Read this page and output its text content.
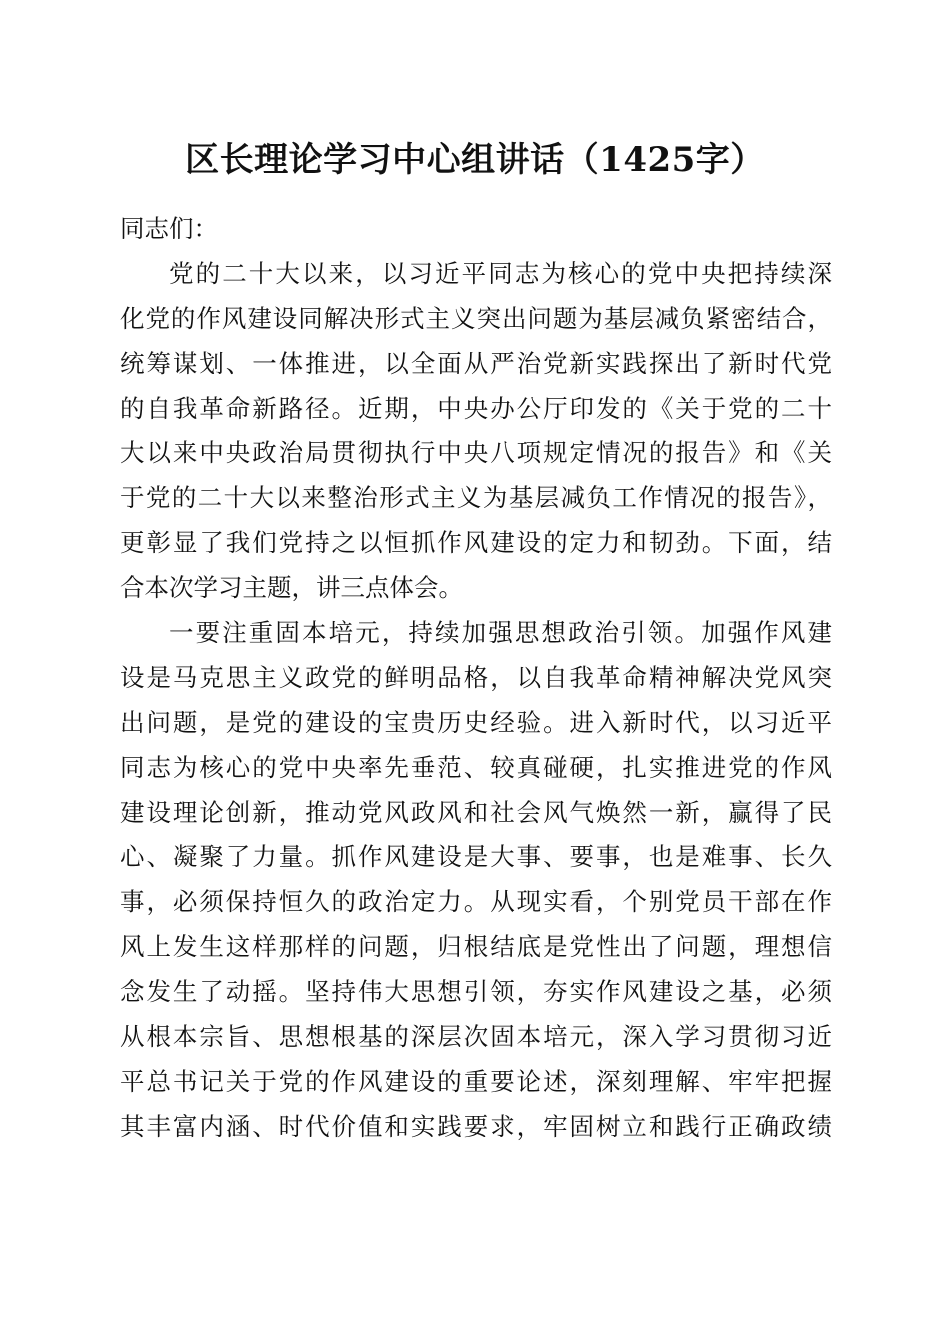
区长理论学习中心组讲话（1425字）
同志们：
党的二十大以来，以习近平同志为核心的党中央把持续深
化党的作风建设同解决形式主义突出问题为基层减负紧密结合，
统筹谋划、一体推进，以全面从严治党新实践探出了新时代党
的自我革命新路径。近期，中央办公厅印发的《关于党的二十
大以来中央政治局贯彻执行中央八项规定情况的报告》和《关
于党的二十大以来整治形式主义为基层减负工作情况的报告》，
更彰显了我们党持之以恒抓作风建设的定力和韧劲。下面，结
合本次学习主题，讲三点体会。
一要注重固本培元，持续加强思想政治引领。加强作风建
设是马克思主义政党的鲜明品格，以自我革命精神解决党风突
出问题，是党的建设的宝贵历史经验。进入新时代，以习近平
同志为核心的党中央率先垂范、较真碰硬，扎实推进党的作风
建设理论创新，推动党风政风和社会风气焕然一新，赢得了民
心、凝聚了力量。抓作风建设是大事、要事，也是难事、长久
事，必须保持恒久的政治定力。从现实看，个别党员干部在作
风上发生这样那样的问题，归根结底是党性出了问题，理想信
念发生了动摇。坚持伟大思想引领，夯实作风建设之基，必须
从根本宗旨、思想根基的深层次固本培元，深入学习贯彻习近
平总书记关于党的作风建设的重要论述，深刻理解、牢牢把握
其丰富内涵、时代价值和实践要求，牢固树立和践行正确政绩
